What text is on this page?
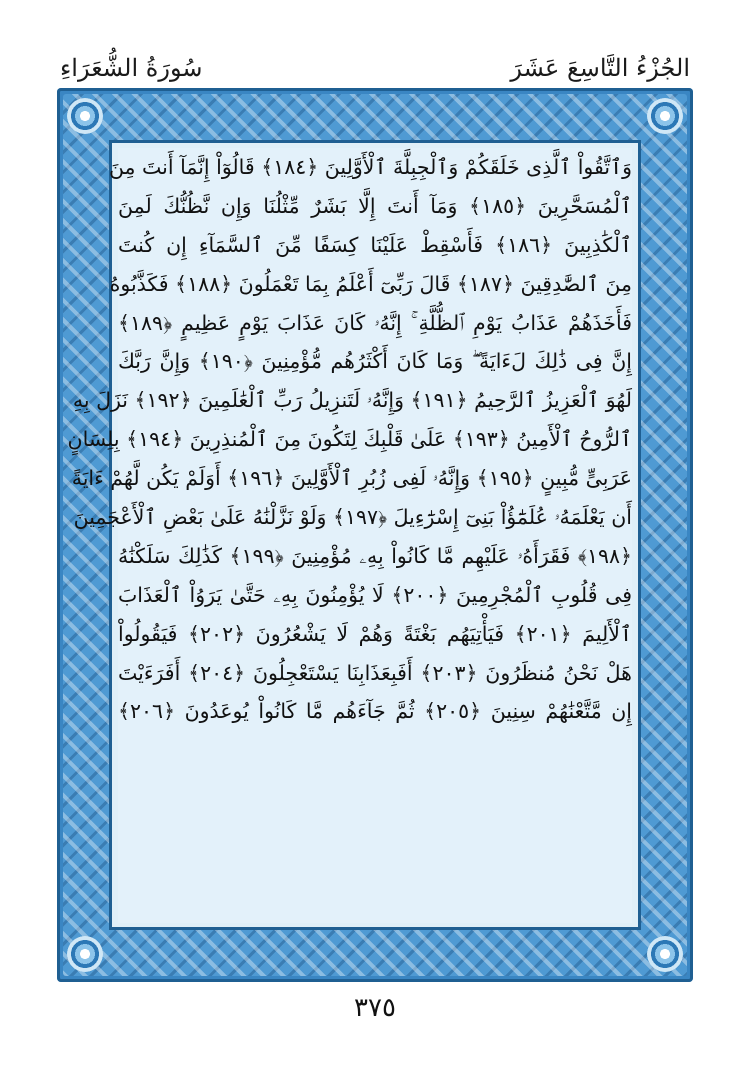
سُورَةُ الشُّعَرَاءِ	الجُزْءُ التَّاسِعَ عَشَرَ
وَٱتَّقُواْ ٱلَّذِى خَلَقَكُمْ وَٱلْجِبِلَّةَ ٱلْأَوَّلِينَ ﴿١٨٤﴾ قَالُوٓاْ إِنَّمَآ أَنتَ مِنَ
ٱلْمُسَحَّرِينَ ﴿١٨٥﴾ وَمَآ أَنتَ إِلَّا بَشَرٌ مِّثْلُنَا وَإِن نَّظُنُّكَ لَمِنَ
ٱلْكَٰذِبِينَ ﴿١٨٦﴾ فَأَسْقِطْ عَلَيْنَا كِسَفًا مِّنَ ٱلسَّمَآءِ إِن كُنتَ
مِنَ ٱلصَّٰدِقِينَ ﴿١٨٧﴾ قَالَ رَبِّىٓ أَعْلَمُ بِمَا تَعْمَلُونَ ﴿١٨٨﴾ فَكَذَّبُوهُ
فَأَخَذَهُمْ عَذَابُ يَوْمِ ٱلظُّلَّةِ ۚ إِنَّهُۥ كَانَ عَذَابَ يَوْمٍ عَظِيمٍ ﴿١٨٩﴾
إِنَّ فِى ذَٰلِكَ لَءَايَةً ۖ وَمَا كَانَ أَكْثَرُهُم مُّؤْمِنِينَ ﴿١٩٠﴾ وَإِنَّ رَبَّكَ
لَهُوَ ٱلْعَزِيزُ ٱلرَّحِيمُ ﴿١٩١﴾ وَإِنَّهُۥ لَتَنزِيلُ رَبِّ ٱلْعَٰلَمِينَ ﴿١٩٢﴾ نَزَلَ بِهِ
ٱلرُّوحُ ٱلْأَمِينُ ﴿١٩٣﴾ عَلَىٰ قَلْبِكَ لِتَكُونَ مِنَ ٱلْمُنذِرِينَ ﴿١٩٤﴾ بِلِسَانٍ
عَرَبِىٍّ مُّبِينٍ ﴿١٩٥﴾ وَإِنَّهُۥ لَفِى زُبُرِ ٱلْأَوَّلِينَ ﴿١٩٦﴾ أَوَلَمْ يَكُن لَّهُمْ ءَايَةً
أَن يَعْلَمَهُۥ عُلَمَٰٓؤُاْ بَنِىٓ إِسْرَٰٓءِيلَ ﴿١٩٧﴾ وَلَوْ نَزَّلْنَٰهُ عَلَىٰ بَعْضِ ٱلْأَعْجَمِينَ
﴿١٩٨﴾ فَقَرَأَهُۥ عَلَيْهِم مَّا كَانُواْ بِهِۦ مُؤْمِنِينَ ﴿١٩٩﴾ كَذَٰلِكَ سَلَكْنَٰهُ
فِى قُلُوبِ ٱلْمُجْرِمِينَ ﴿٢٠٠﴾ لَا يُؤْمِنُونَ بِهِۦ حَتَّىٰ يَرَوُاْ ٱلْعَذَابَ
ٱلْأَلِيمَ ﴿٢٠١﴾ فَيَأْتِيَهُم بَغْتَةً وَهُمْ لَا يَشْعُرُونَ ﴿٢٠٢﴾ فَيَقُولُواْ
هَلْ نَحْنُ مُنظَرُونَ ﴿٢٠٣﴾ أَفَبِعَذَابِنَا يَسْتَعْجِلُونَ ﴿٢٠٤﴾ أَفَرَءَيْتَ
إِن مَّتَّعْنَٰهُمْ سِنِينَ ﴿٢٠٥﴾ ثُمَّ جَآءَهُم مَّا كَانُواْ يُوعَدُونَ ﴿٢٠٦﴾
٣٧٥
